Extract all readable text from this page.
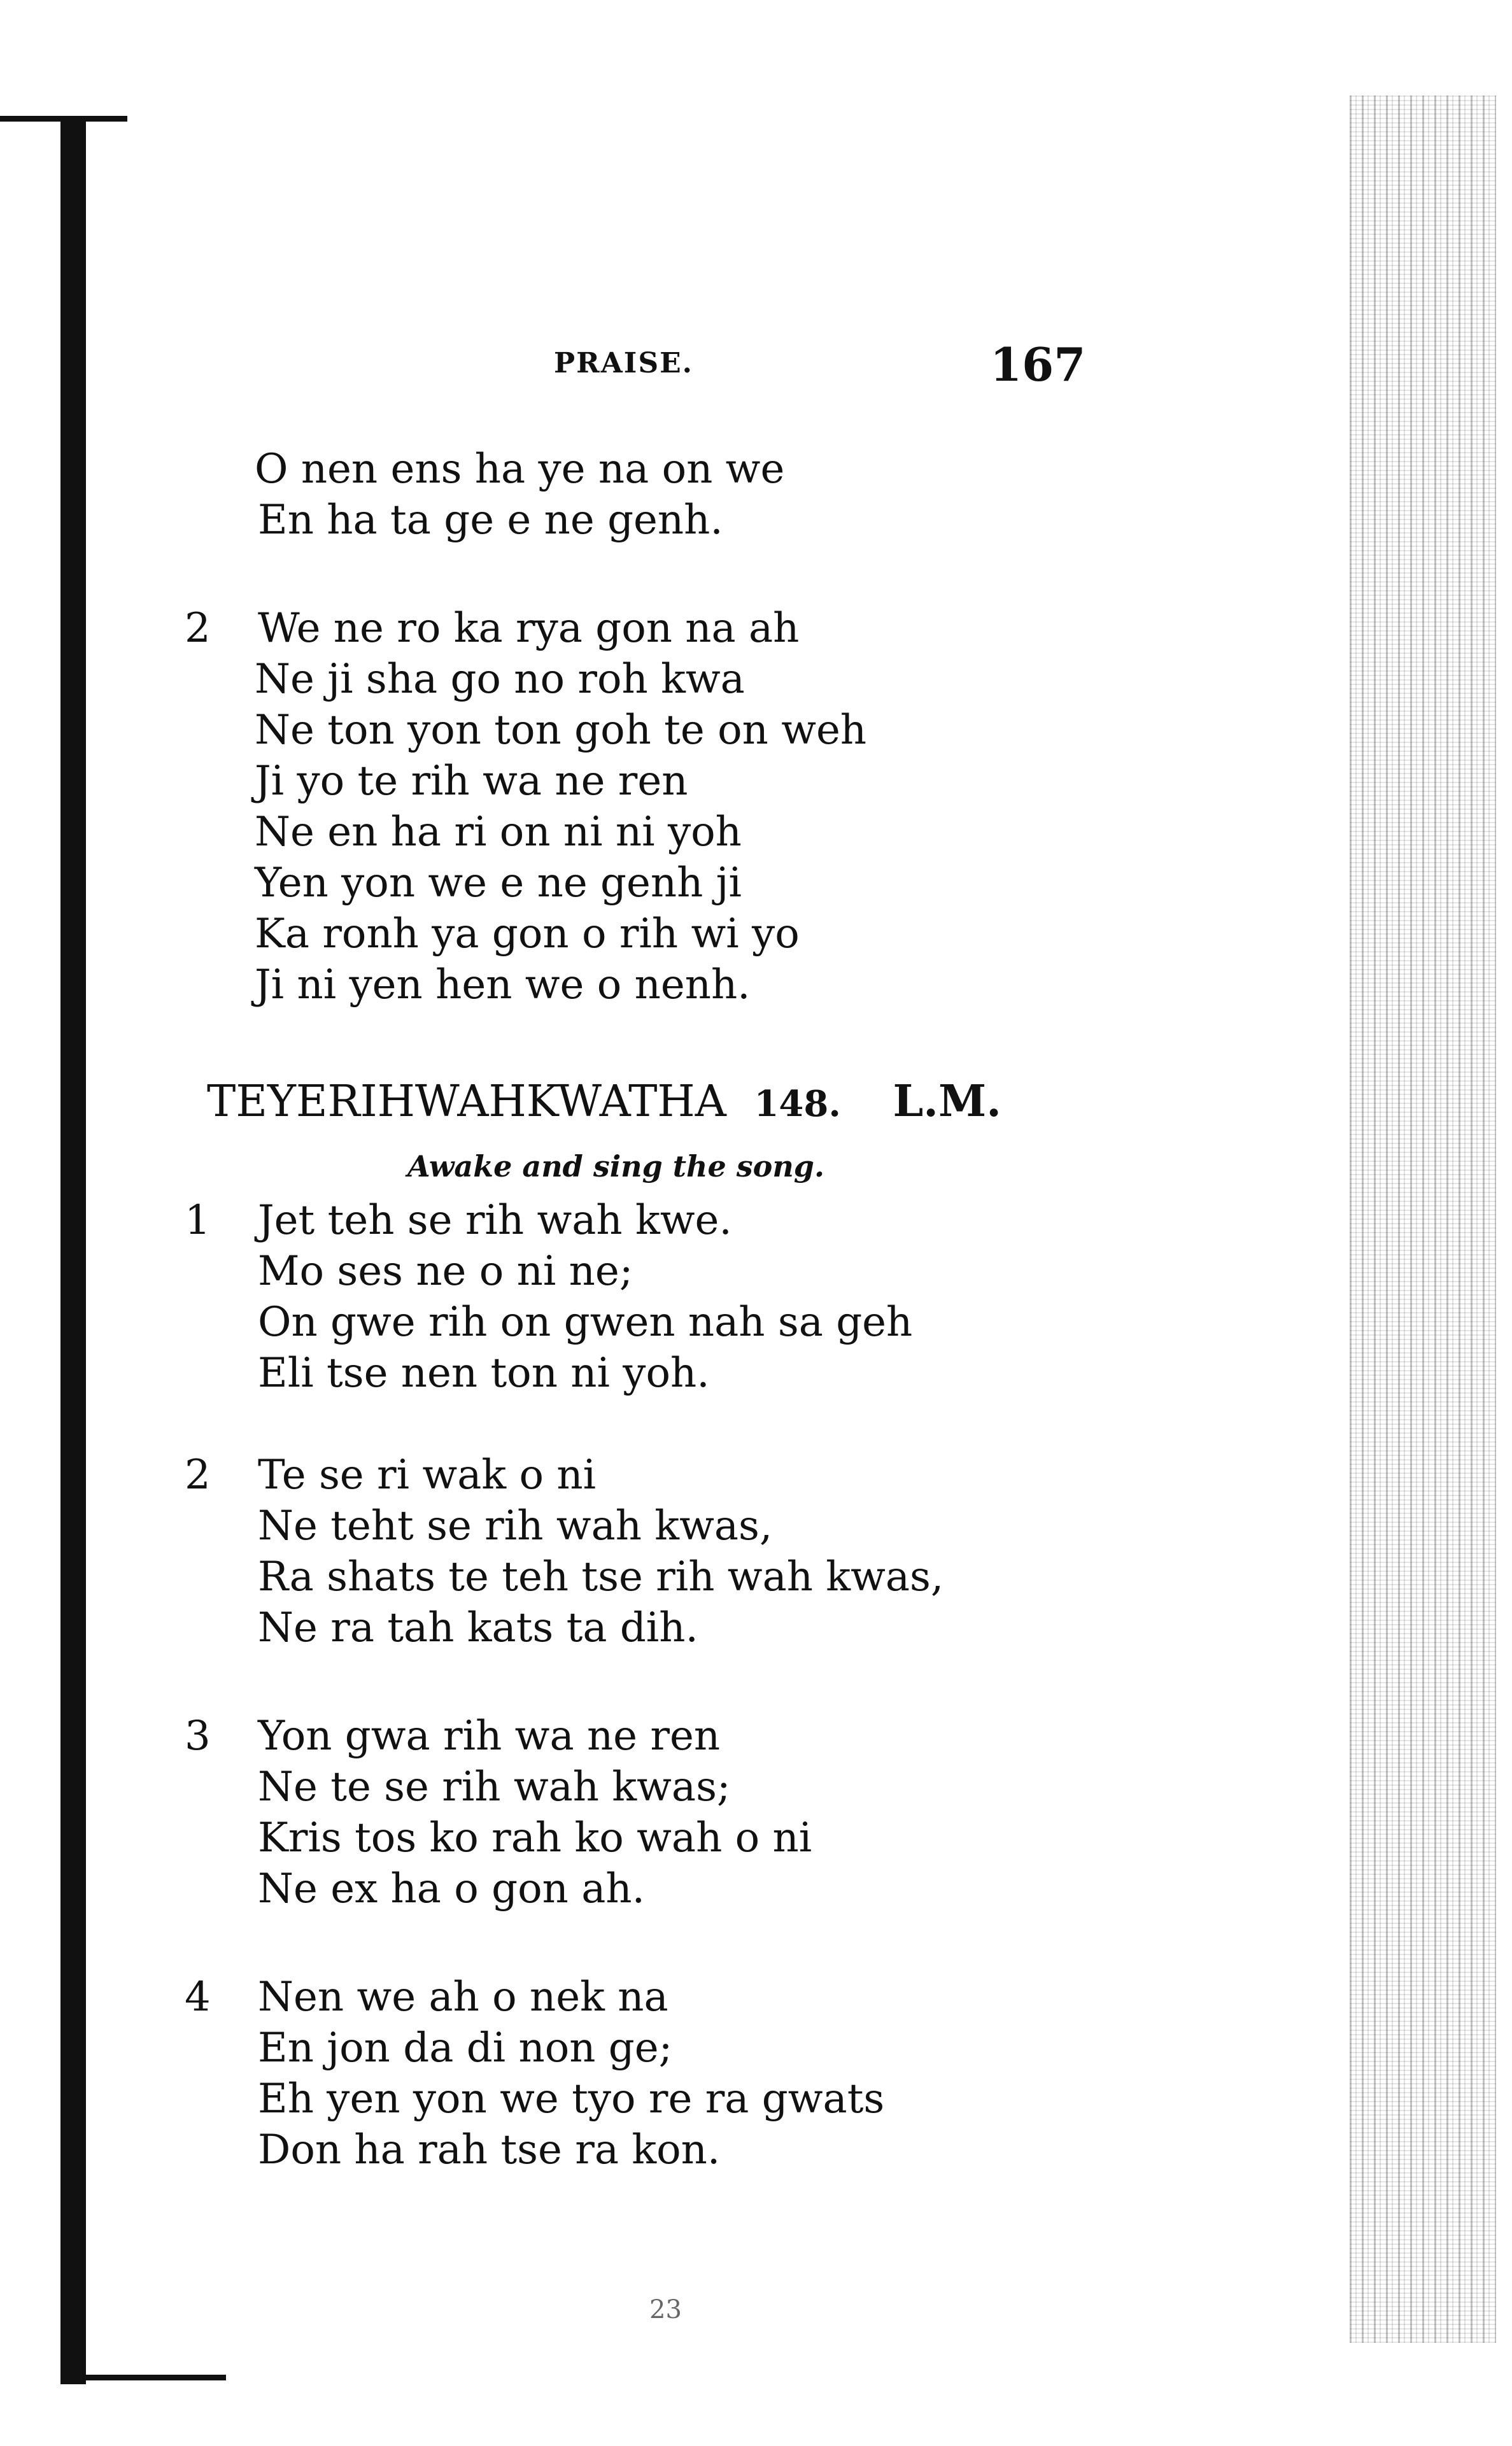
PRAISE.	167
O nen ens ha ye na on we
En ha ta ge e ne genh.
2 We ne ro ka rya gon na ah
Ne ji sha go no roh kwa
Ne ton yon ton goh te on weh
Ji yo te rih wa ne ren
Ne en ha ri on ni ni yoh
Yen yon we e ne genh ji
Ka ronh ya gon o rih wi yo
Ji ni yen hen we o nenh.
TEYERIHWAHKWATHA 148. L.M.
Awake and sing the song.
1 Jet teh se rih wah kwe.
Mo ses ne o ni ne;
On gwe rih on gwen nah sa geh
Eli tse nen ton ni yoh.
2 Te se ri wak o ni
Ne teht se rih wah kwas,
Ra shats te teh tse rih wah kwas,
Ne ra tah kats ta dih.
3 Yon gwa rih wa ne ren
Ne te se rih wah kwas;
Kris tos ko rah ko wah o ni
Ne ex ha o gon ah.
4 Nen we ah o nek na
En jon da di non ge;
Eh yen yon we tyo re ra gwats
Don ha rah tse ra kon.
23
